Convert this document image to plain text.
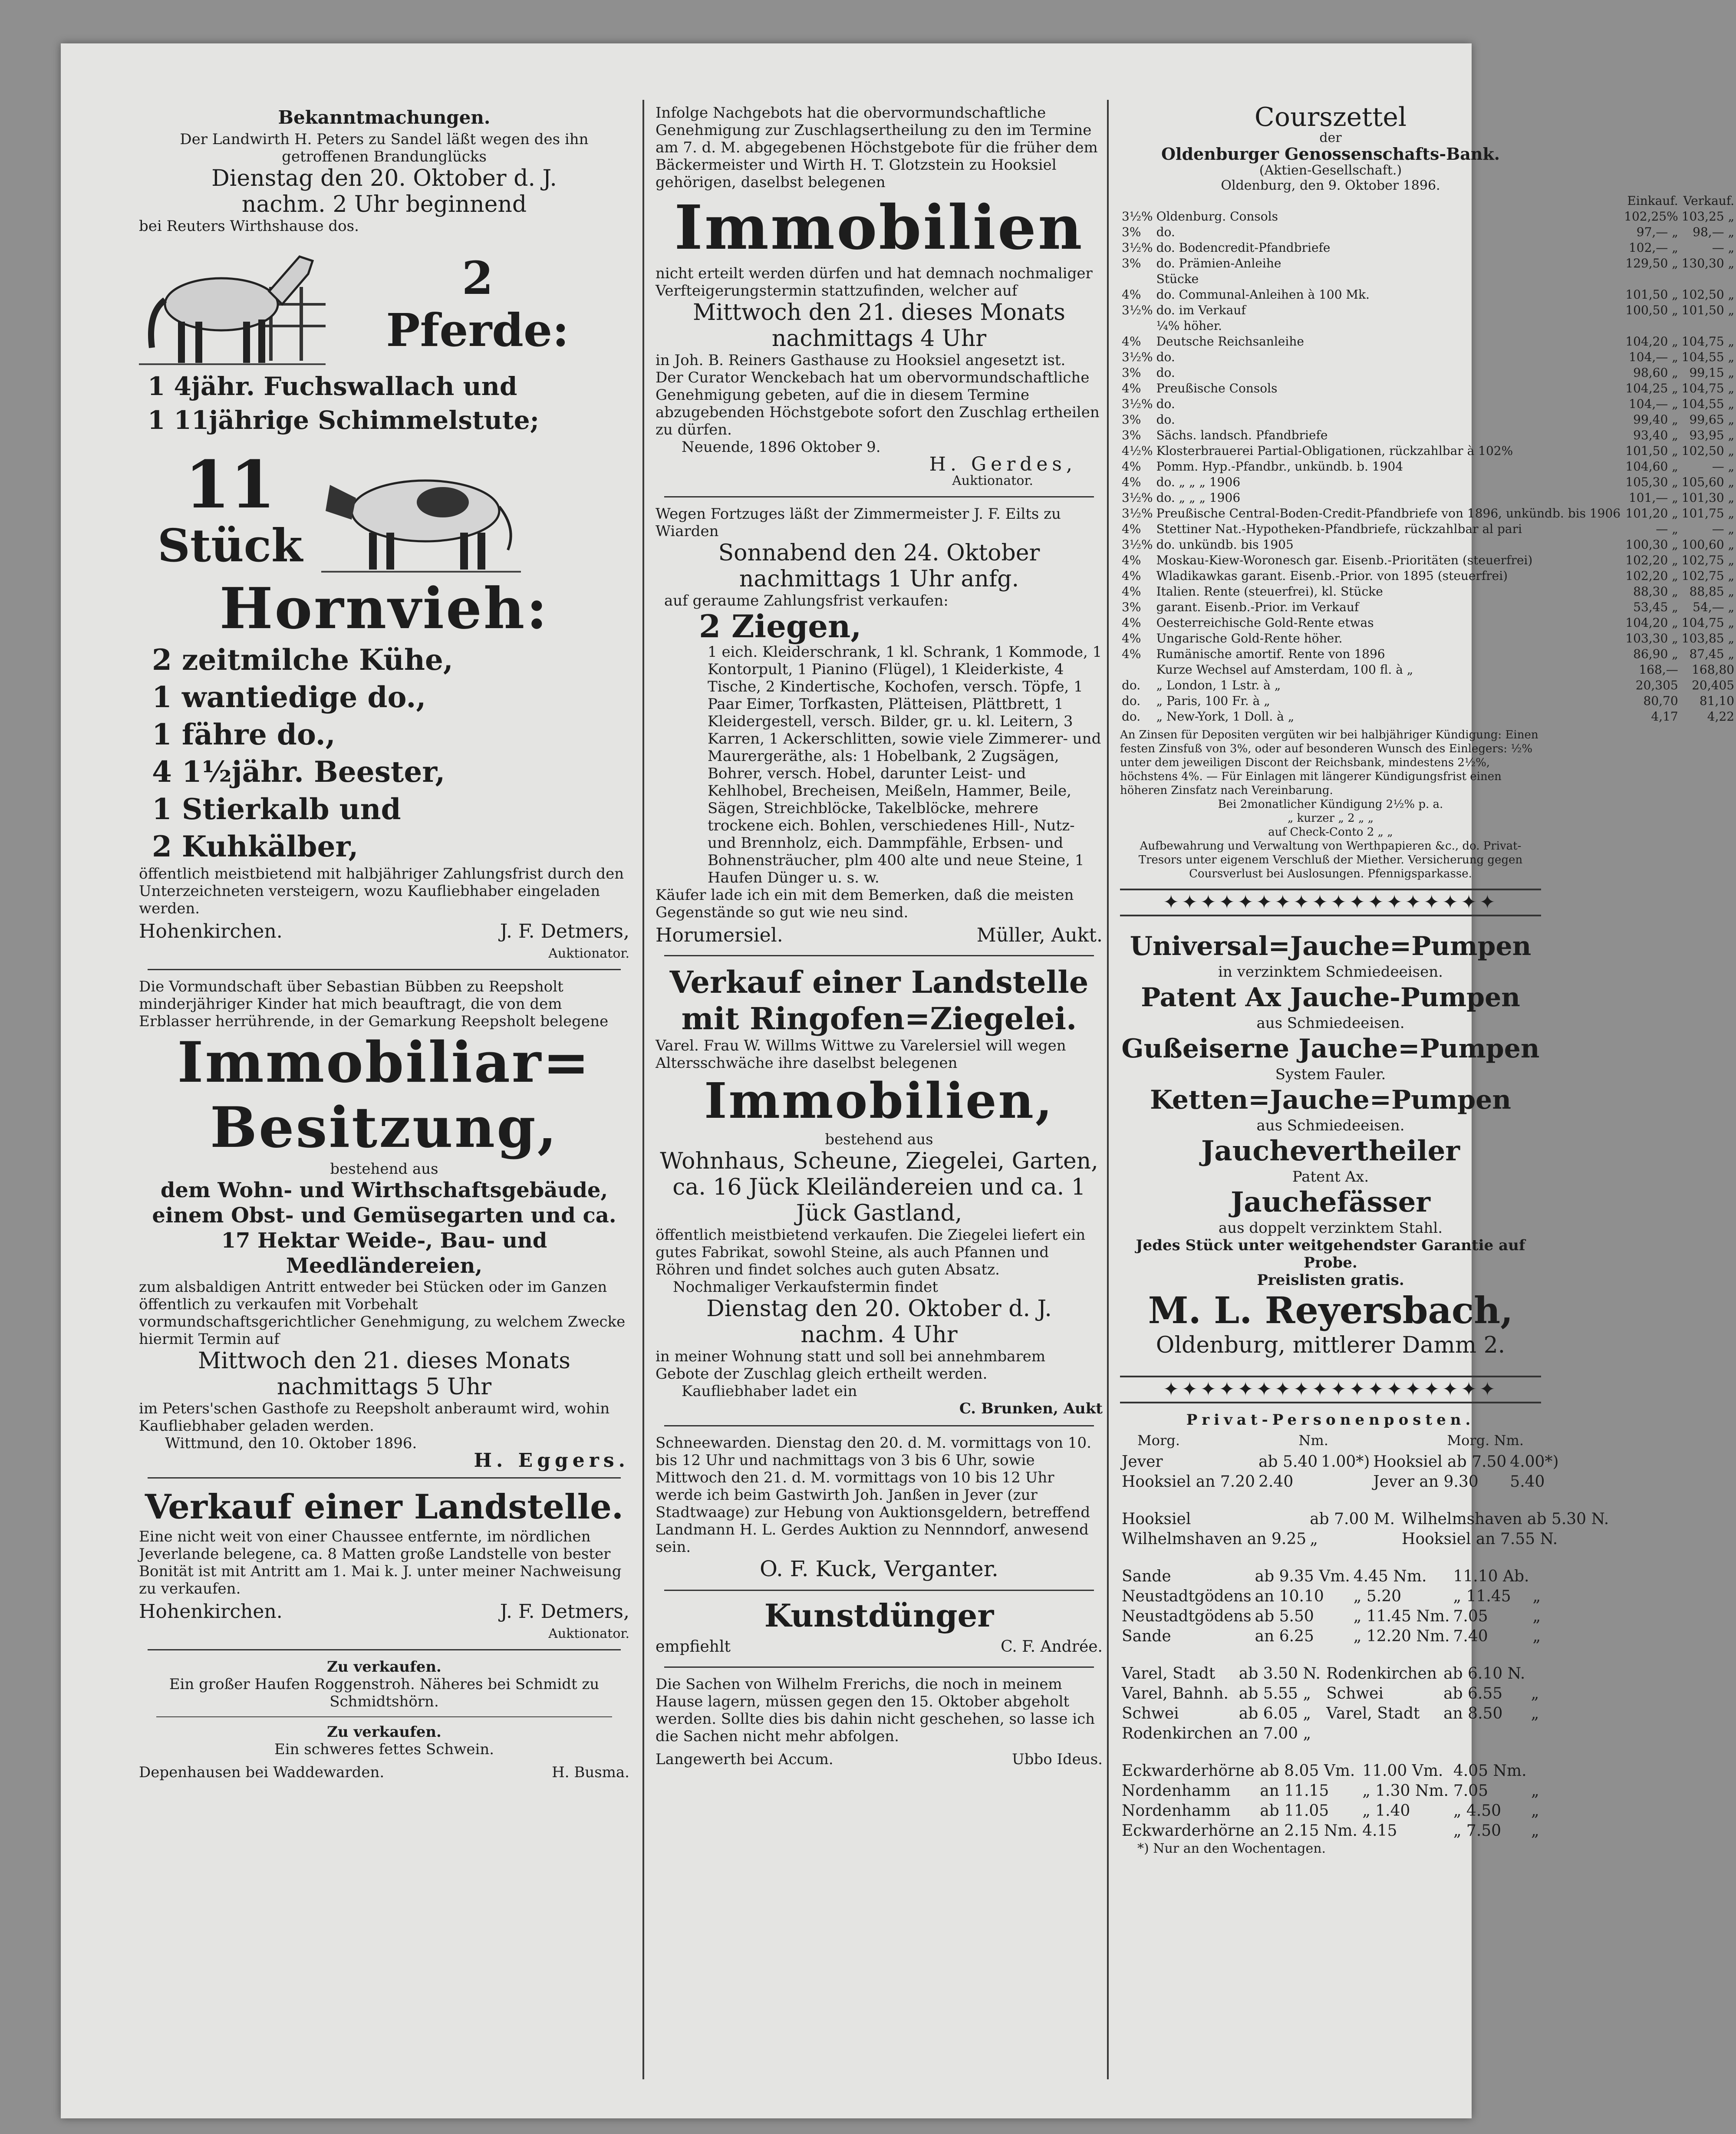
Bekanntmachungen.

Der Landwirth H. Peters zu Sandel läßt wegen des ihn getroffenen Brandunglücks

Dienstag den 20. Oktober d. J.

nachm. 2 Uhr beginnend

bei Reuters Wirthshause dos.

2

Pferde:

1 4jähr. Fuchswallach und

1 11jährige Schimmelstute;

11

Stück

Hornvieh:

2 zeitmilche Kühe,

1 wantiedige do.,

1 fähre do.,

4 1½jähr. Beester,

1 Stierkalb und

2 Kuhkälber,

öffentlich meistbietend mit halbjähriger Zahlungsfrist durch den Unterzeichneten versteigern, wozu Kaufliebhaber eingeladen werden.

Hohenkirchen.	J. F. Detmers,

Auktionator.

Die Vormundschaft über Sebastian Bübben zu Reepsholt minderjähriger Kinder hat mich beauftragt, die von dem Erblasser herrührende, in der Gemarkung Reepsholt belegene

Immobiliar=

Besitzung,

bestehend aus

dem Wohn- und Wirthschaftsgebäude, einem Obst- und Gemüsegarten und ca. 17 Hektar Weide-, Bau- und Meedländereien,

zum alsbaldigen Antritt entweder bei Stücken oder im Ganzen öffentlich zu verkaufen mit Vorbehalt vormundschaftsgerichtlicher Genehmigung, zu welchem Zwecke hiermit Termin auf

Mittwoch den 21. dieses Monats

nachmittags 5 Uhr

im Peters'schen Gasthofe zu Reepsholt anberaumt wird, wohin Kaufliebhaber geladen werden.

Wittmund, den 10. Oktober 1896.

H. Eggers.

Verkauf einer Landstelle.

Eine nicht weit von einer Chaussee entfernte, im nördlichen Jeverlande belegene, ca. 8 Matten große Landstelle von bester Bonität ist mit Antritt am 1. Mai k. J. unter meiner Nachweisung zu verkaufen.

Hohenkirchen.	J. F. Detmers,

Auktionator.

Zu verkaufen.

Ein großer Haufen Roggenstroh. Näheres bei Schmidt zu Schmidtshörn.

Zu verkaufen.

Ein schweres fettes Schwein.

Depenhausen bei Waddewarden.	H. Busma.

Infolge Nachgebots hat die obervormundschaftliche Genehmigung zur Zuschlagsertheilung zu den im Termine am 7. d. M. abgegebenen Höchstgebote für die früher dem Bäckermeister und Wirth H. T. Glotzstein zu Hooksiel gehörigen, daselbst belegenen

Immobilien

nicht erteilt werden dürfen und hat demnach nochmaliger Verfteigerungstermin stattzufinden, welcher auf

Mittwoch den 21. dieses Monats

nachmittags 4 Uhr

in Joh. B. Reiners Gasthause zu Hooksiel angesetzt ist.

Der Curator Wenckebach hat um obervormundschaftliche Genehmigung gebeten, auf die in diesem Termine abzugebenden Höchstgebote sofort den Zuschlag ertheilen zu dürfen.

Neuende, 1896 Oktober 9.

H. Gerdes,

Auktionator.

Wegen Fortzuges läßt der Zimmermeister J. F. Eilts zu Wiarden

Sonnabend den 24. Oktober

nachmittags 1 Uhr anfg.

auf geraume Zahlungsfrist verkaufen:

2 Ziegen,

1 eich. Kleiderschrank, 1 kl. Schrank, 1 Kommode, 1 Kontorpult, 1 Pianino (Flügel), 1 Kleiderkiste, 4 Tische, 2 Kindertische, Kochofen, versch. Töpfe, 1 Paar Eimer, Torfkasten, Plätteisen, Plättbrett, 1 Kleidergestell, versch. Bilder, gr. u. kl. Leitern, 3 Karren, 1 Ackerschlitten, sowie viele Zimmerer- und Maurergeräthe, als: 1 Hobelbank, 2 Zugsägen, Bohrer, versch. Hobel, darunter Leist- und Kehlhobel, Brecheisen, Meißeln, Hammer, Beile, Sägen, Streichblöcke, Takelblöcke, mehrere trockene eich. Bohlen, verschiedenes Hill-, Nutz- und Brennholz, eich. Dammpfähle, Erbsen- und Bohnensträucher, plm 400 alte und neue Steine, 1 Haufen Dünger u. s. w.

Käufer lade ich ein mit dem Bemerken, daß die meisten Gegenstände so gut wie neu sind.

Horumersiel.	Müller, Aukt.

Verkauf einer Landstelle mit Ringofen=Ziegelei.

Varel. Frau W. Willms Wittwe zu Varelersiel will wegen Altersschwäche ihre daselbst belegenen

Immobilien,

bestehend aus

Wohnhaus, Scheune, Ziegelei, Garten, ca. 16 Jück Kleiländereien und ca. 1 Jück Gastland,

öffentlich meistbietend verkaufen. Die Ziegelei liefert ein gutes Fabrikat, sowohl Steine, als auch Pfannen und Röhren und findet solches auch guten Absatz.

Nochmaliger Verkaufstermin findet

Dienstag den 20. Oktober d. J.

nachm. 4 Uhr

in meiner Wohnung statt und soll bei annehmbarem Gebote der Zuschlag gleich ertheilt werden.

Kaufliebhaber ladet ein

C. Brunken, Aukt

Schneewarden. Dienstag den 20. d. M. vormittags von 10. bis 12 Uhr und nachmittags von 3 bis 6 Uhr, sowie Mittwoch den 21. d. M. vormittags von 10 bis 12 Uhr werde ich beim Gastwirth Joh. Janßen in Jever (zur Stadtwaage) zur Hebung von Auktionsgeldern, betreffend Landmann H. L. Gerdes Auktion zu Nennndorf, anwesend sein.

O. F. Kuck, Verganter.

Kunstdünger

empfiehlt	C. F. Andrée.

Die Sachen von Wilhelm Frerichs, die noch in meinem Hause lagern, müssen gegen den 15. Oktober abgeholt werden. Sollte dies bis dahin nicht geschehen, so lasse ich die Sachen nicht mehr abfolgen.

Langewerth bei Accum.	Ubbo Ideus.

Courszettel

der

Oldenburger Genossenschafts-Bank.

(Aktien-Gesellschaft.)

Oldenburg, den 9. Oktober 1896.

		Einkauf.	Verkauf.
3½%	Oldenburg. Consols	102,25%	103,25 „
3%	do.	97,— „	98,— „
3½%	do. Bodencredit-Pfandbriefe	102,— „	— „
3%	do. Prämien-Anleihe	129,50 „	130,30 „
	Stücke		
4%	do. Communal-Anleihen à 100 Mk.	101,50 „	102,50 „
3½%	do. im Verkauf	100,50 „	101,50 „
	¼% höher.		
4%	Deutsche Reichsanleihe	104,20 „	104,75 „
3½%	do.	104,— „	104,55 „
3%	do.	98,60 „	99,15 „
4%	Preußische Consols	104,25 „	104,75 „
3½%	do.	104,— „	104,55 „
3%	do.	99,40 „	99,65 „
3%	Sächs. landsch. Pfandbriefe	93,40 „	93,95 „
4½%	Klosterbrauerei Partial-Obligationen, rückzahlbar à 102%	101,50 „	102,50 „
4%	Pomm. Hyp.-Pfandbr., unkündb. b. 1904	104,60 „	— „
4%	do. „ „ „ 1906	105,30 „	105,60 „
3½%	do. „ „ „ 1906	101,— „	101,30 „
3½%	Preußische Central-Boden-Credit-Pfandbriefe von 1896, unkündb. bis 1906	101,20 „	101,75 „
4%	Stettiner Nat.-Hypotheken-Pfandbriefe, rückzahlbar al pari	— „	— „
3½%	do. unkündb. bis 1905	100,30 „	100,60 „
4%	Moskau-Kiew-Woronesch gar. Eisenb.-Prioritäten (steuerfrei)	102,20 „	102,75 „
4%	Wladikawkas garant. Eisenb.-Prior. von 1895 (steuerfrei)	102,20 „	102,75 „
4%	Italien. Rente (steuerfrei), kl. Stücke	88,30 „	88,85 „
3%	garant. Eisenb.-Prior. im Verkauf	53,45 „	54,— „
4%	Oesterreichische Gold-Rente etwas	104,20 „	104,75 „
4%	Ungarische Gold-Rente höher.	103,30 „	103,85 „
4%	Rumänische amortif. Rente von 1896	86,90 „	87,45 „
	Kurze Wechsel auf Amsterdam, 100 fl. à „	168,—	168,80
do.	„ London, 1 Lstr. à „	20,305	20,405
do.	„ Paris, 100 Fr. à „	80,70	81,10
do.	„ New-York, 1 Doll. à „	4,17	4,22

An Zinsen für Depositen vergüten wir bei halbjähriger Kündigung: Einen festen Zinsfuß von 3%, oder auf besonderen Wunsch des Einlegers: ½% unter dem jeweiligen Discont der Reichsbank, mindestens 2½%, höchstens 4%. — Für Einlagen mit längerer Kündigungsfrist einen höheren Zinsfatz nach Vereinbarung.

Bei 2monatlicher Kündigung 2½% p. a.

„ kurzer „ 2 „ „

auf Check-Conto 2 „ „

Aufbewahrung und Verwaltung von Werthpapieren &c., do. Privat-Tresors unter eigenem Verschluß der Miether. Versicherung gegen Coursverlust bei Auslosungen. Pfennigsparkasse.

✦✦✦✦✦✦✦✦✦✦✦✦✦✦✦✦✦✦

Universal=Jauche=Pumpen

in verzinktem Schmiedeeisen.

Patent Ax Jauche-Pumpen

aus Schmiedeeisen.

Gußeiserne Jauche=Pumpen

System Fauler.

Ketten=Jauche=Pumpen

aus Schmiedeeisen.

Jauchevertheiler

Patent Ax.

Jauchefässer

aus doppelt verzinktem Stahl.

Jedes Stück unter weitgehendster Garantie auf Probe.

Preislisten gratis.

M. L. Reyersbach,

Oldenburg, mittlerer Damm 2.

✦✦✦✦✦✦✦✦✦✦✦✦✦✦✦✦✦✦

Privat-Personenposten.

Morg.	Nm.	Morg. Nm.
Jever	ab 5.40	1.00*)	Hooksiel ab 7.50	4.00*)
Hooksiel an 7.20	2.40		Jever an 9.30	5.40
Hooksiel	ab 7.00 M.		Wilhelmshaven ab 5.30 N.	
Wilhelmshaven an 9.25	„		Hooksiel an 7.55 N.	
Sande	ab 9.35 Vm.	4.45 Nm.	11.10 Ab.	
Neustadtgödens	an 10.10	„ 5.20	„ 11.45	„
Neustadtgödens	ab 5.50	„ 11.45 Nm.	7.05	„
Sande	an 6.25	„ 12.20 Nm.	7.40	„
Varel, Stadt	ab 3.50 N.	Rodenkirchen	ab 6.10 N.	
Varel, Bahnh.	ab 5.55 „	Schwei	ab 6.55	„
Schwei	ab 6.05 „	Varel, Stadt	an 8.50	„
Rodenkirchen	an 7.00 „			
Eckwarderhörne	ab 8.05 Vm.	11.00 Vm.	4.05 Nm.	
Nordenhamm	an 11.15	„ 1.30 Nm.	7.05	„
Nordenhamm	ab 11.05	„ 1.40	„ 4.50	„
Eckwarderhörne	an 2.15 Nm.	4.15	„ 7.50	„

*) Nur an den Wochentagen.
